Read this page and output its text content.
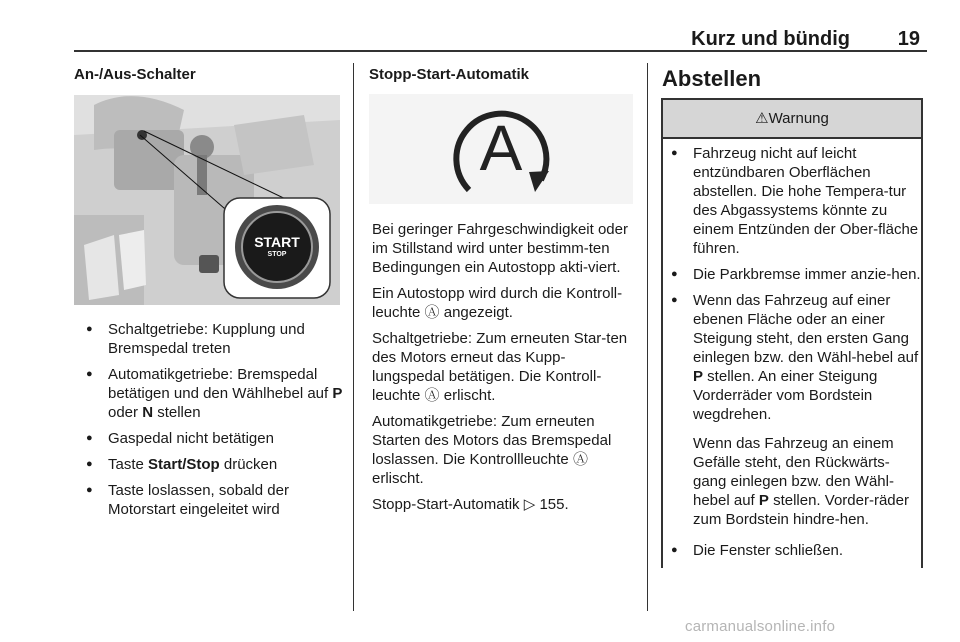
Kurz und bündig	19
An-/Aus-Schalter
START
STOP
● Schaltgetriebe: Kupplung und Bremspedal treten
● Automatikgetriebe: Bremspedal betätigen und den Wählhebel auf P oder N stellen
● Gaspedal nicht betätigen
● Taste Start/Stop drücken
● Taste loslassen, sobald der Motorstart eingeleitet wird
Stopp-Start-Automatik
A

Bei geringer Fahrgeschwindigkeit oder im Stillstand wird unter bestimm-ten Bedingungen ein Autostopp akti-viert.

Ein Autostopp wird durch die Kontroll-leuchte Ⓐ angezeigt.

Schaltgetriebe: Zum erneuten Star-ten des Motors erneut das Kupp-lungspedal betätigen. Die Kontroll-leuchte Ⓐ erlischt.

Automatikgetriebe: Zum erneuten Starten des Motors das Bremspedal loslassen. Die Kontrollleuchte Ⓐ
erlischt.

Stopp-Start-Automatik ▷ 155.

Abstellen
⚠Warnung
● Fahrzeug nicht auf leicht entzündbaren Oberflächen abstellen. Die hohe Tempera-tur des Abgassystems könnte zu einem Entzünden der Ober-fläche führen.
● Die Parkbremse immer anzie-hen.
● Wenn das Fahrzeug auf einer ebenen Fläche oder an einer Steigung steht, den ersten Gang einlegen bzw. den Wähl-hebel auf P stellen. An einer Steigung Vorderräder vom Bordstein wegdrehen.

Wenn das Fahrzeug an einem Gefälle steht, den Rückwärts-gang einlegen bzw. den Wähl-hebel auf P stellen. Vorder-räder zum Bordstein hindre-hen.

● Die Fenster schließen.
carmanualsonline.info
